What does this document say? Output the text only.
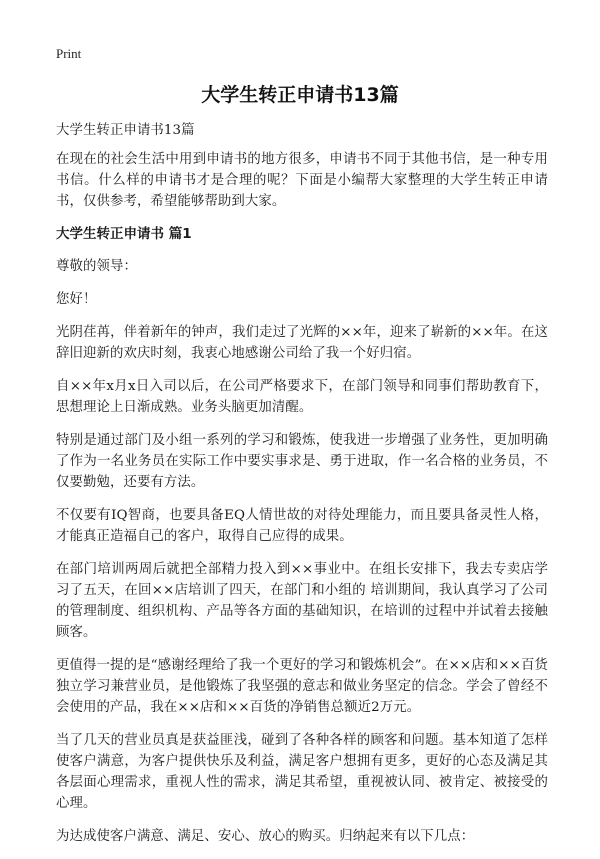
Print
大学生转正申请书13篇

大学生转正申请书13篇

在现在的社会生活中用到申请书的地方很多，申请书不同于其他书信，是一种专用书信。什么样的申请书才是合理的呢？下面是小编帮大家整理的大学生转正申请书，仅供参考，希望能够帮助到大家。

大学生转正申请书 篇1

尊敬的领导：

您好！

光阴荏苒，伴着新年的钟声，我们走过了光辉的××年，迎来了崭新的××年。在这辞旧迎新的欢庆时刻，我衷心地感谢公司给了我一个好归宿。

自××年x月x日入司以后，在公司严格要求下，在部门领导和同事们帮助教育下，思想理论上日渐成熟。业务头脑更加清醒。

特别是通过部门及小组一系列的学习和锻炼，使我进一步增强了业务性，更加明确了作为一名业务员在实际工作中要实事求是、勇于进取，作一名合格的业务员，不仅要勤勉，还要有方法。

不仅要有IQ智商，也要具备EQ人情世故的对待处理能力，而且要具备灵性人格，才能真正造福自己的客户，取得自己应得的成果。

在部门培训两周后就把全部精力投入到××事业中。在组长安排下，我去专卖店学习了五天，在回××店培训了四天，在部门和小组的 培训期间，我认真学习了公司的管理制度、组织机构、产品等各方面的基础知识，在培训的过程中并试着去接触顾客。

更值得一提的是“感谢经理给了我一个更好的学习和锻炼机会”。在××店和××百货独立学习兼营业员，是他锻炼了我坚强的意志和做业务坚定的信念。学会了曾经不会使用的产品，我在××店和××百货的净销售总额近2万元。

当了几天的营业员真是获益匪浅，碰到了各种各样的顾客和问题。基本知道了怎样使客户满意，为客户提供快乐及利益，满足客户想拥有更多，更好的心态及满足其各层面心理需求，重视人性的需求，满足其希望，重视被认同、被肯定、被接受的心理。

为达成使客户满意、满足、安心、放心的购买。归纳起来有以下几点：
